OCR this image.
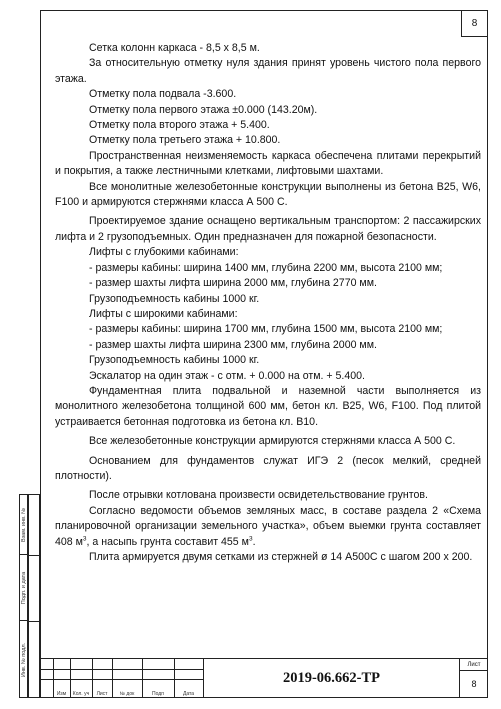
8

Сетка колонн каркаса - 8,5 х 8,5 м.

За относительную отметку нуля здания принят уровень чистого пола первого этажа.

Отметку пола подвала -3.600.

Отметку пола первого этажа ±0.000 (143.20м).

Отметку пола второго этажа + 5.400.

Отметку пола третьего этажа + 10.800.

Пространственная неизменяемость каркаса обеспечена плитами перекрытий и покрытия, а также лестничными клетками, лифтовыми шахтами.

Все монолитные железобетонные конструкции выполнены из бетона В25, W6, F100 и армируются стержнями класса А 500 С.

Проектируемое здание оснащено вертикальным транспортом: 2 пассажирских лифта и 2 грузоподъемных. Один предназначен для пожарной безопасности.

Лифты с глубокими кабинами:

- размеры кабины: ширина 1400 мм, глубина 2200 мм, высота 2100 мм;

- размер шахты лифта ширина 2000 мм, глубина 2770 мм.

Грузоподъемность кабины 1000 кг.

Лифты с широкими кабинами:

- размеры кабины: ширина 1700 мм, глубина 1500 мм, высота 2100 мм;

- размер шахты лифта ширина 2300 мм, глубина 2000 мм.

Грузоподъемность кабины 1000 кг.

Эскалатор на один этаж - с отм. + 0.000 на отм. + 5.400.

Фундаментная плита подвальной и наземной части выполняется из монолитного железобетона толщиной 600 мм, бетон кл. В25, W6, F100. Под плитой устраивается бетонная подготовка из бетона кл. В10.

Все железобетонные конструкции армируются стержнями класса А 500 С.

Основанием для фундаментов служат ИГЭ 2 (песок мелкий, средней плотности).

После отрывки котлована произвести освидетельствование грунтов.

Согласно ведомости объемов земляных масс, в составе раздела 2 «Схема планировочной организации земельного участка», объем выемки грунта составляет 408 $м^3$, а насыпь грунта составит 455 $м^3$.

Плита армируется двумя сетками из стержней ø 14 А500С с шагом 200 х 200.

Взам. инв. №
Подп. и дата
Инв. № подл.
Изм	Кол. уч	Лист	№ док	Подп	Дата
2019-06.662-ТР
Лист
8
